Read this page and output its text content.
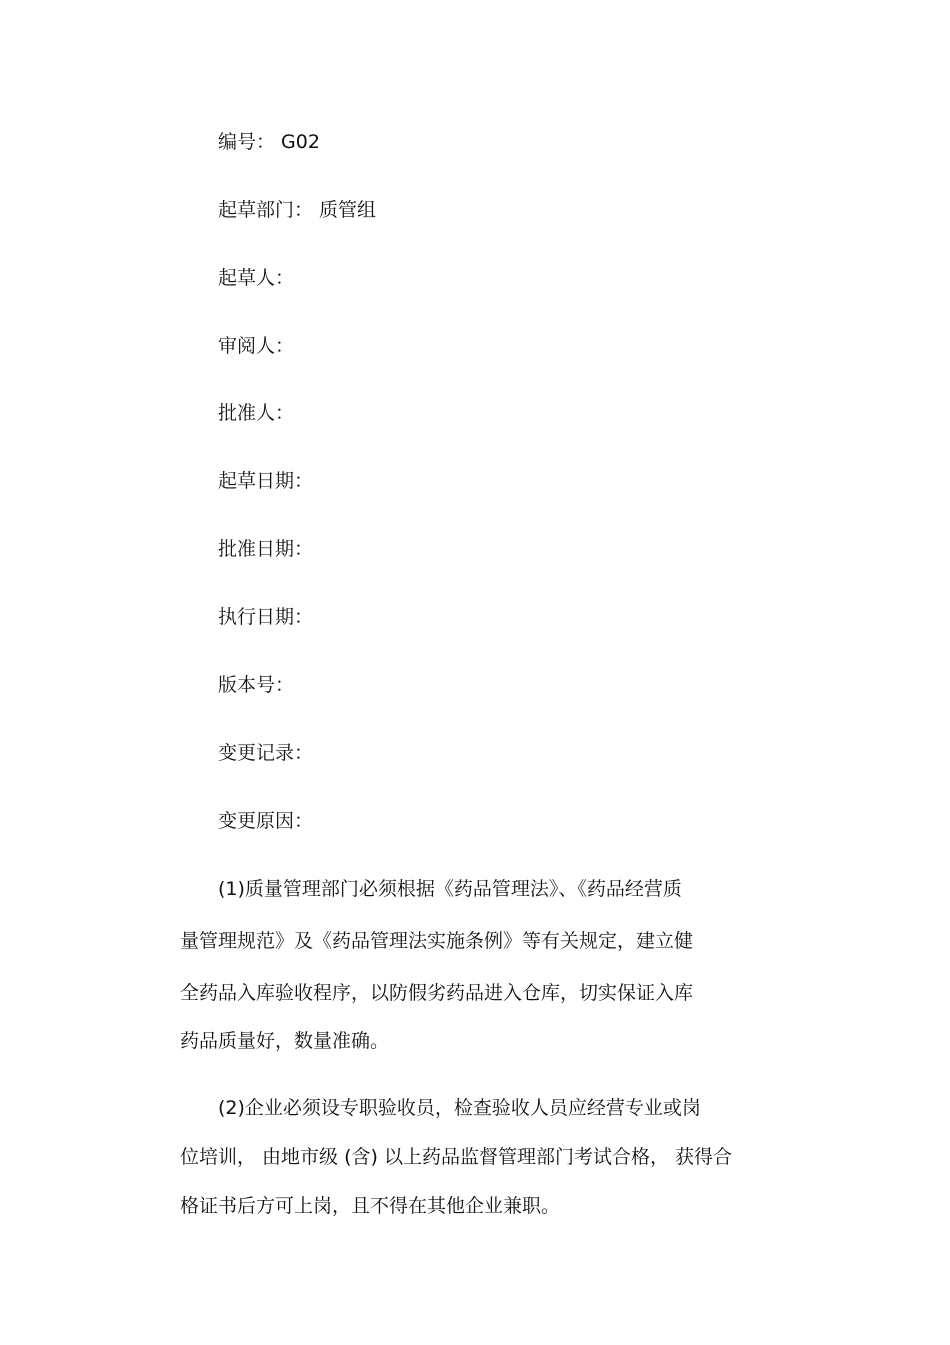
编号： G02
起草部门： 质管组
起草人：
审阅人：
批准人：
起草日期：
批准日期：
执行日期：
版本号：
变更记录：
变更原因：
(1)质量管理部门必须根据《药品管理法》、《药品经营质
量管理规范》及《药品管理法实施条例》等有关规定，建立健
全药品入库验收程序，以防假劣药品进入仓库，切实保证入库
药品质量好，数量准确。
(2)企业必须设专职验收员，检查验收人员应经营专业或岗
位培训， 由地市级 (含) 以上药品监督管理部门考试合格， 获得合
格证书后方可上岗，且不得在其他企业兼职。
